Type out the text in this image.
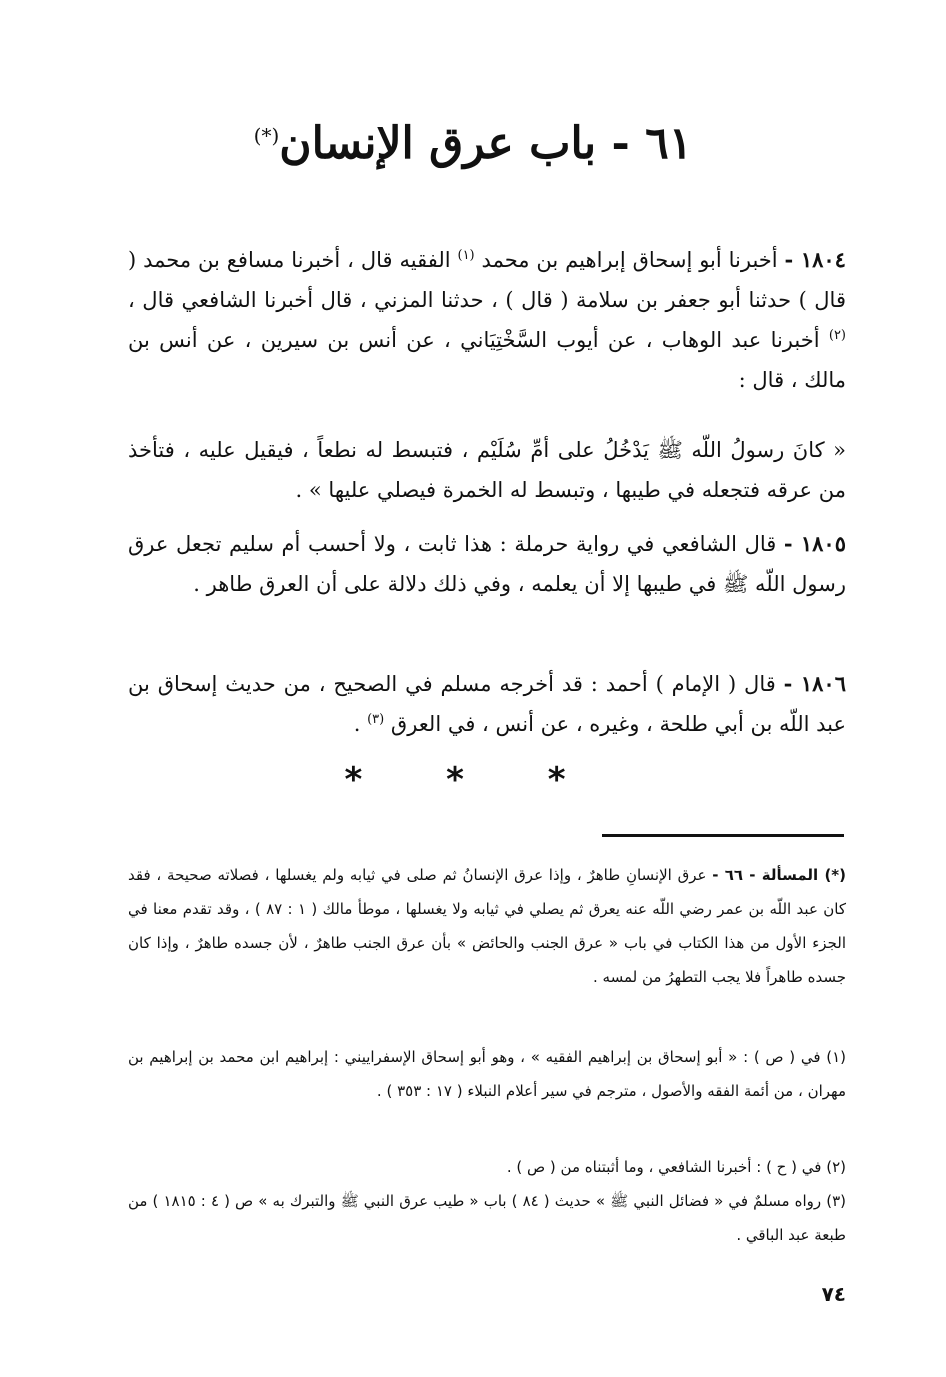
٦١ - باب عرق الإنسان(*)

١٨٠٤ - أخبرنا أبو إسحاق إبراهيم بن محمد $^{(١)}$ الفقيه قال ، أخبرنا مسافع بن محمد ( قال ) حدثنا أبو جعفر بن سلامة ( قال ) ، حدثنا المزني ، قال أخبرنا الشافعي قال ، $^{(٢)}$ أخبرنا عبد الوهاب ، عن أيوب السَّخْتِيَاني ، عن أنس بن سيرين ، عن أنس بن مالك ، قال :

« كانَ رسولُ اللّه ﷺ يَدْخُلُ على أمِّ سُلَيْم ، فتبسط له نطعاً ، فيقيل عليه ، فتأخذ من عرقه فتجعله في طيبها ، وتبسط له الخمرة فيصلي عليها » .

١٨٠٥ - قال الشافعي في رواية حرملة : هذا ثابت ، ولا أحسب أم سليم تجعل عرق رسول اللّه ﷺ في طيبها إلا أن يعلمه ، وفي ذلك دلالة على أن العرق طاهر .

١٨٠٦ - قال ( الإمام ) أحمد : قد أخرجه مسلم في الصحيح ، من حديث إسحاق بن عبد اللّه بن أبي طلحة ، وغيره ، عن أنس ، في العرق $^{(٣)}$ .

* * *

(*) المسألة - ٦٦ - عرق الإنسانِ طاهرٌ ، وإذا عرق الإنسانُ ثم صلى في ثيابه ولم يغسلها ، فصلاته صحيحة ، فقد كان عبد اللّه بن عمر رضي اللّه عنه يعرق ثم يصلي في ثيابه ولا يغسلها ، موطأ مالك ( ١ : ٨٧ ) ، وقد تقدم معنا في الجزء الأول من هذا الكتاب في باب « عرق الجنب والحائض » بأن عرق الجنب طاهرٌ ، لأن جسده طاهرٌ ، وإذا كان جسده طاهراً فلا يجب التطهرُ من لمسه .

(١) في ( ص ) : « أبو إسحاق بن إبراهيم الفقيه » ، وهو أبو إسحاق الإسفراييني : إبراهيم ابن محمد بن إبراهيم بن مهران ، من أئمة الفقه والأصول ، مترجم في سير أعلام النبلاء ( ١٧ : ٣٥٣ ) .

(٢) في ( ح ) : أخبرنا الشافعي ، وما أثبتناه من ( ص ) .

(٣) رواه مسلمٌ في « فضائل النبي ﷺ » حديث ( ٨٤ ) باب « طيب عرق النبي ﷺ والتبرك به » ص ( ٤ : ١٨١٥ ) من طبعة عبد الباقي .

٧٤
